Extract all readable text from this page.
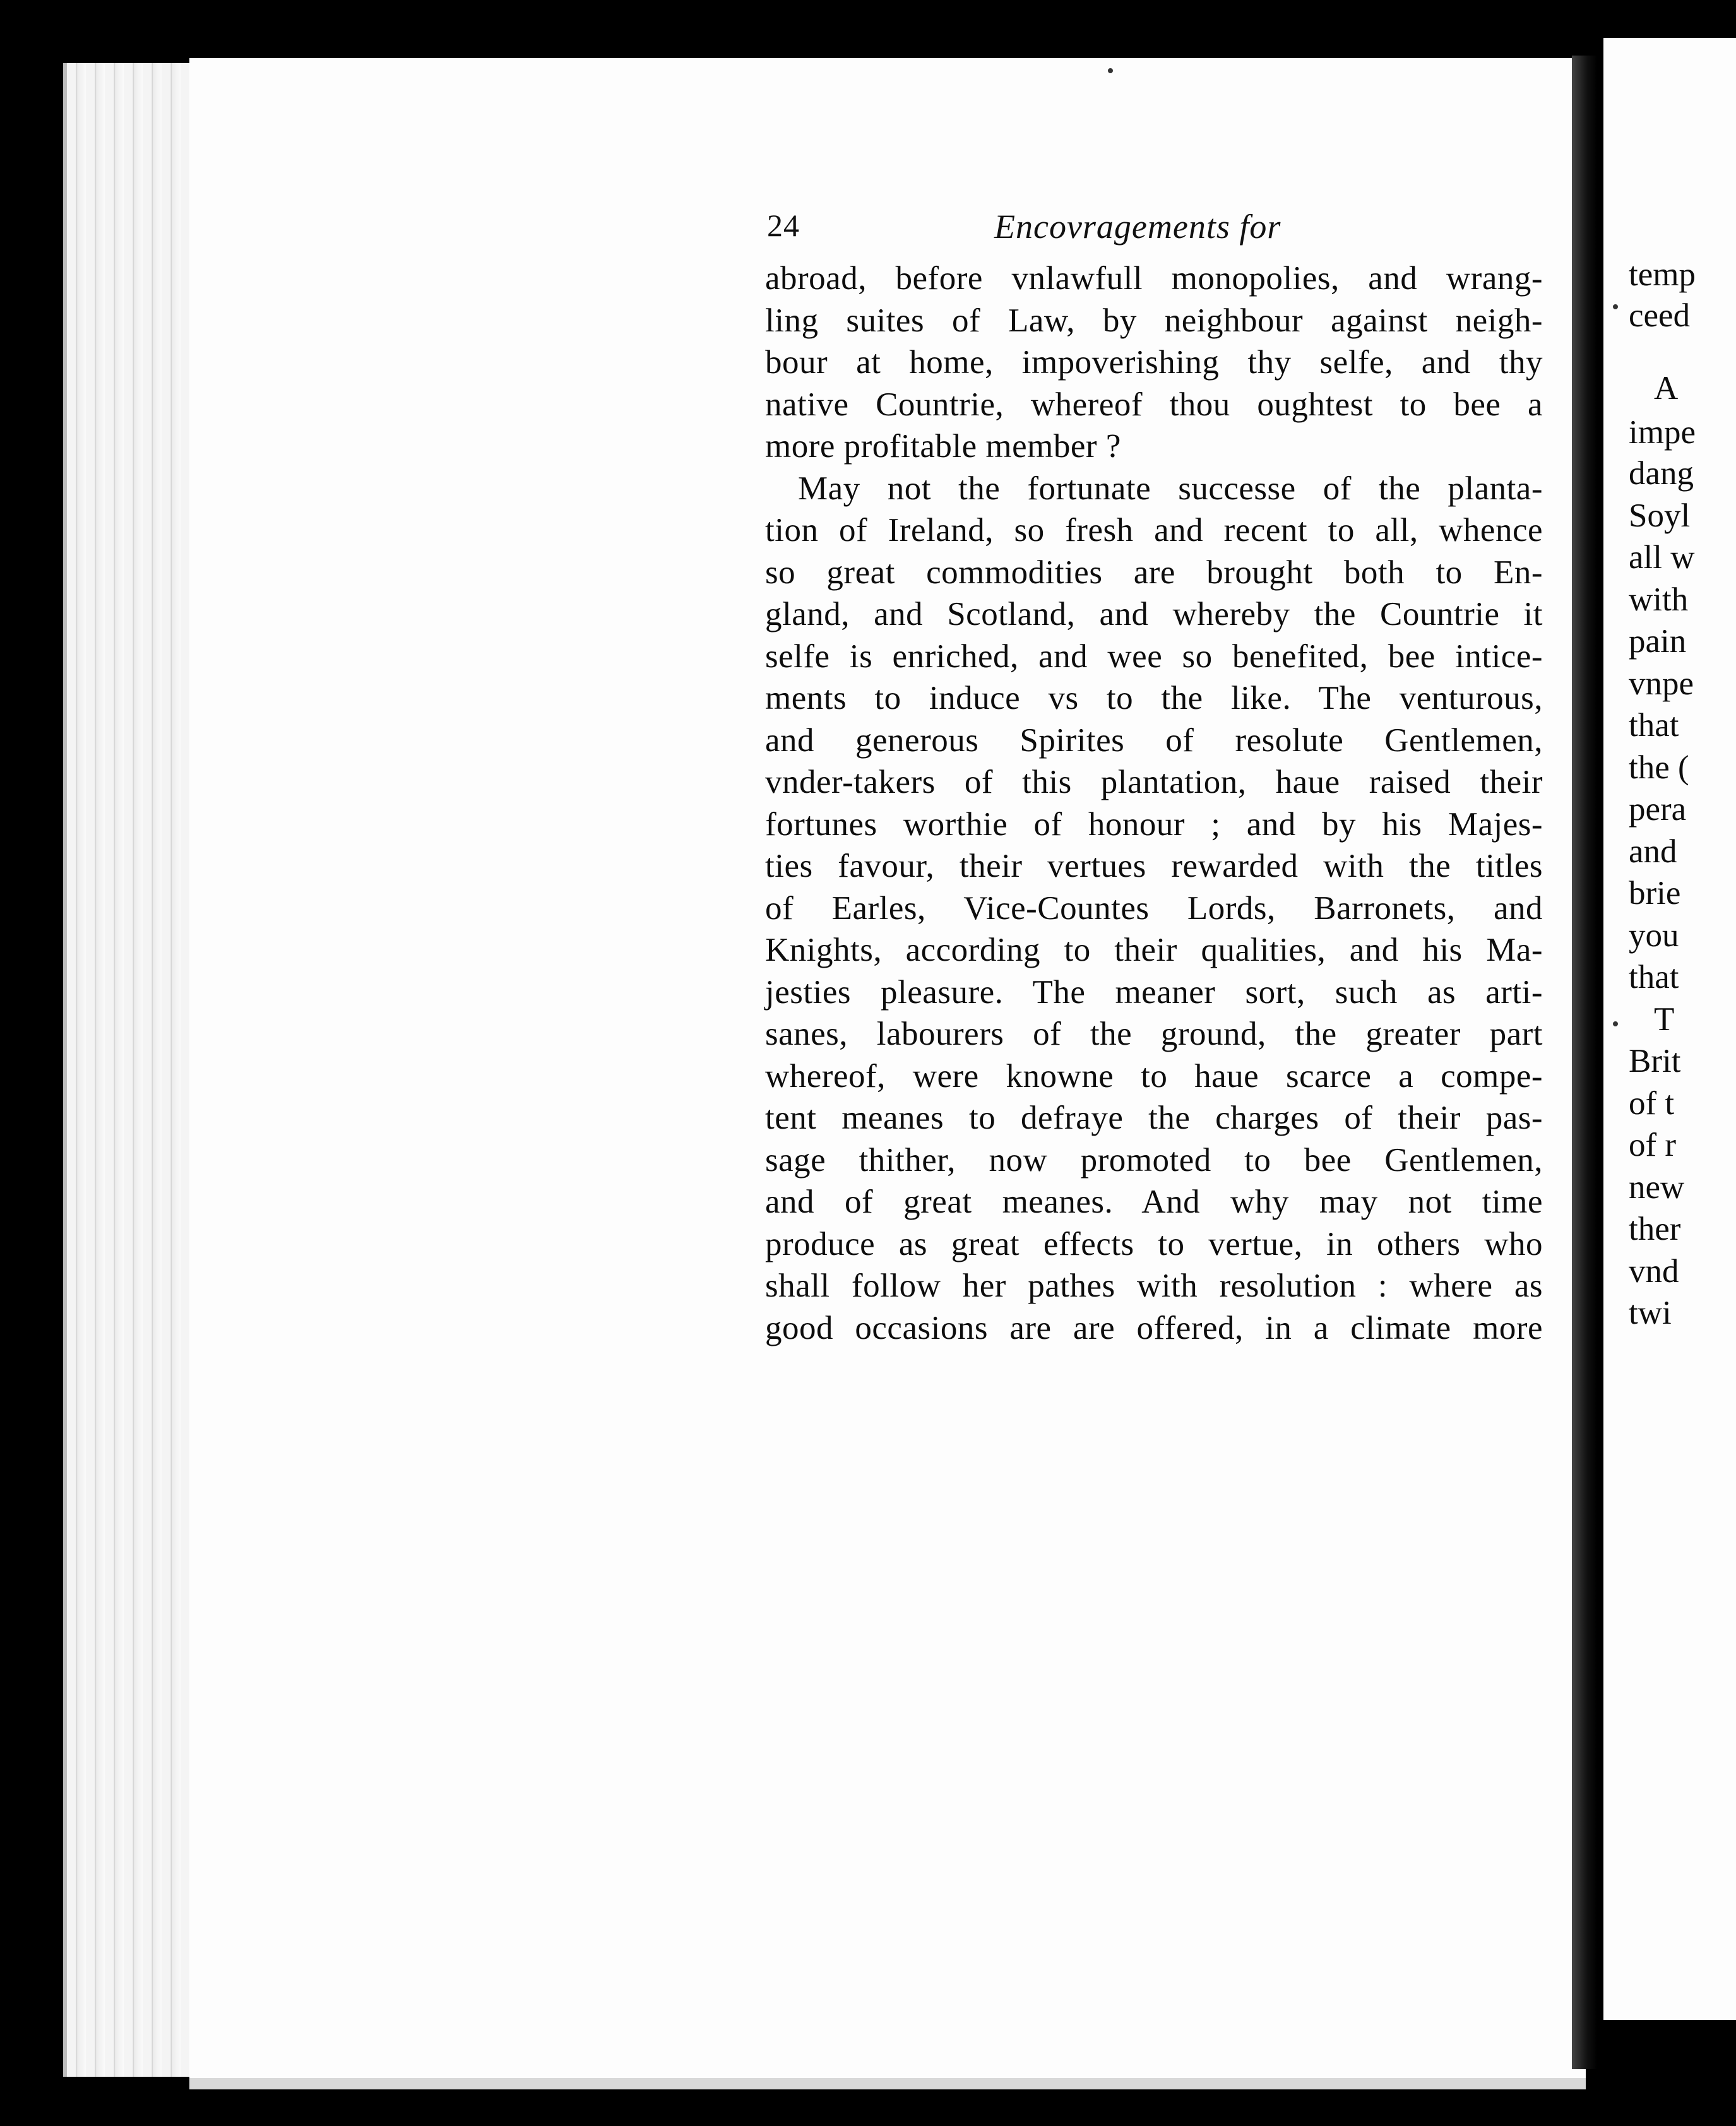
temp
ceed
A
impe
dang
Soyl
all w
with
pain
vnpe
that
the (
pera
and
brie
you
that
T
Brit
of t
of r
new
ther
vnd
twi
24	Encovragements for
abroad, before vnlawfull monopolies, and wrang-
ling suites of Law, by neighbour against neigh-
bour at home, impoverishing thy selfe, and thy
native Countrie, whereof thou oughtest to bee a
more profitable member ?
May not the fortunate successe of the planta-
tion of Ireland, so fresh and recent to all, whence
so great commodities are brought both to En-
gland, and Scotland, and whereby the Countrie it
selfe is enriched, and wee so benefited, bee intice-
ments to induce vs to the like. The venturous,
and generous Spirites of resolute Gentlemen,
vnder-takers of this plantation, haue raised their
fortunes worthie of honour ; and by his Majes-
ties favour, their vertues rewarded with the titles
of Earles, Vice-Countes Lords, Barronets, and
Knights, according to their qualities, and his Ma-
jesties pleasure. The meaner sort, such as arti-
sanes, labourers of the ground, the greater part
whereof, were knowne to haue scarce a compe-
tent meanes to defraye the charges of their pas-
sage thither, now promoted to bee Gentlemen,
and of great meanes. And why may not time
produce as great effects to vertue, in others who
shall follow her pathes with resolution : where as
good occasions are are offered, in a climate more
